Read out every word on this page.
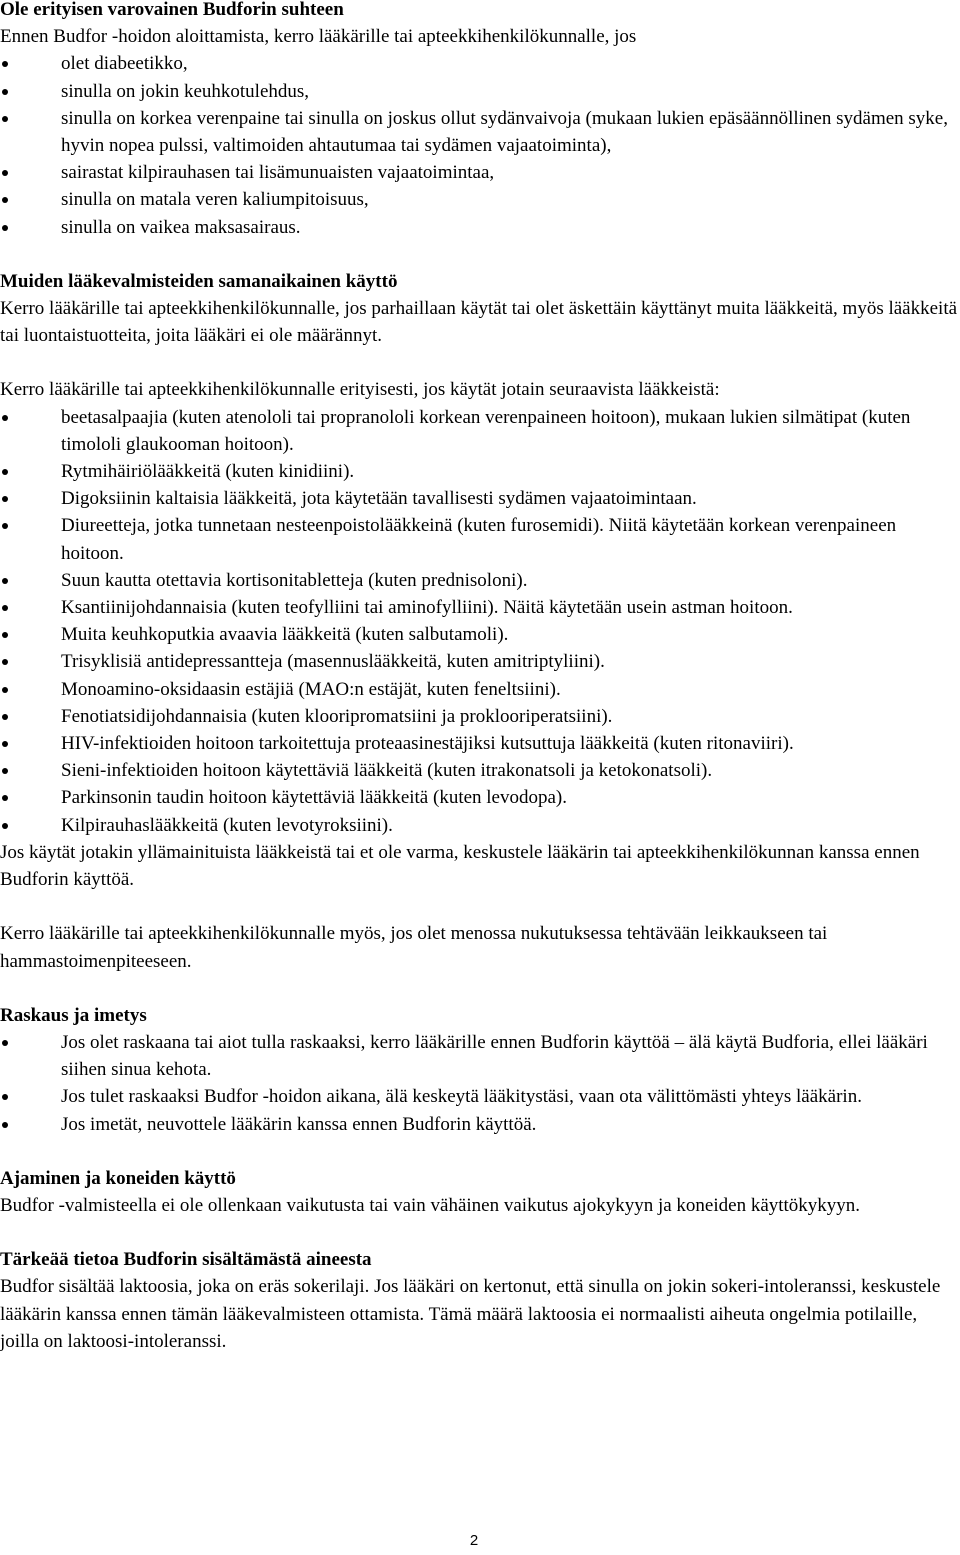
Ole erityisen varovainen Budforin suhteen

Ennen Budfor -hoidon aloittamista, kerro lääkärille tai apteekkihenkilökunnalle, jos

olet diabeetikko,
sinulla on jokin keuhkotulehdus,
sinulla on korkea verenpaine tai sinulla on joskus ollut sydänvaivoja (mukaan lukien epäsäännöllinen sydämen syke, hyvin nopea pulssi, valtimoiden ahtautumaa tai sydämen vajaatoiminta),
sairastat kilpirauhasen tai lisämunuaisten vajaatoimintaa,
sinulla on matala veren kaliumpitoisuus,
sinulla on vaikea maksasairaus.

Muiden lääkevalmisteiden samanaikainen käyttö

Kerro lääkärille tai apteekkihenkilökunnalle, jos parhaillaan käytät tai olet äskettäin käyttänyt muita lääkkeitä, myös lääkkeitä tai luontaistuotteita, joita lääkäri ei ole määrännyt.

Kerro lääkärille tai apteekkihenkilökunnalle erityisesti, jos käytät jotain seuraavista lääkkeistä:

beetasalpaajia (kuten atenololi tai propranololi korkean verenpaineen hoitoon), mukaan lukien silmätipat (kuten timololi glaukooman hoitoon).
Rytmihäiriölääkkeitä (kuten kinidiini).
Digoksiinin kaltaisia lääkkeitä, jota käytetään tavallisesti sydämen vajaatoimintaan.
Diureetteja, jotka tunnetaan nesteenpoistolääkkeinä (kuten furosemidi). Niitä käytetään korkean verenpaineen hoitoon.
Suun kautta otettavia kortisonitabletteja (kuten prednisoloni).
Ksantiinijohdannaisia (kuten teofylliini tai aminofylliini). Näitä käytetään usein astman hoitoon.
Muita keuhkoputkia avaavia lääkkeitä (kuten salbutamoli).
Trisyklisiä antidepressantteja (masennuslääkkeitä, kuten amitriptyliini).
Monoamino-oksidaasin estäjiä (MAO:n estäjät, kuten feneltsiini).
Fenotiatsidijohdannaisia (kuten klooripromatsiini ja proklooriperatsiini).
HIV-infektioiden hoitoon tarkoitettuja proteaasinestäjiksi kutsuttuja lääkkeitä (kuten ritonaviiri).
Sieni-infektioiden hoitoon käytettäviä lääkkeitä (kuten itrakonatsoli ja ketokonatsoli).
Parkinsonin taudin hoitoon käytettäviä lääkkeitä (kuten levodopa).
Kilpirauhaslääkkeitä (kuten levotyroksiini).

Jos käytät jotakin yllämainituista lääkkeistä tai et ole varma, keskustele lääkärin tai apteekkihenkilökunnan kanssa ennen Budforin käyttöä.

Kerro lääkärille tai apteekkihenkilökunnalle myös, jos olet menossa nukutuksessa tehtävään leikkaukseen tai hammastoimenpiteeseen.

Raskaus ja imetys

Jos olet raskaana tai aiot tulla raskaaksi, kerro lääkärille ennen Budforin käyttöä – älä käytä Budforia, ellei lääkäri siihen sinua kehota.
Jos tulet raskaaksi Budfor -hoidon aikana, älä keskeytä lääkitystäsi, vaan ota välittömästi yhteys lääkärin.
Jos imetät, neuvottele lääkärin kanssa ennen Budforin käyttöä.

Ajaminen ja koneiden käyttö

Budfor -valmisteella ei ole ollenkaan vaikutusta tai vain vähäinen vaikutus ajokykyyn ja koneiden käyttökykyyn.

Tärkeää tietoa Budforin sisältämästä aineesta

Budfor sisältää laktoosia, joka on eräs sokerilaji. Jos lääkäri on kertonut, että sinulla on jokin sokeri-intoleranssi, keskustele lääkärin kanssa ennen tämän lääkevalmisteen ottamista. Tämä määrä laktoosia ei normaalisti aiheuta ongelmia potilaille, joilla on laktoosi-intoleranssi.

2
